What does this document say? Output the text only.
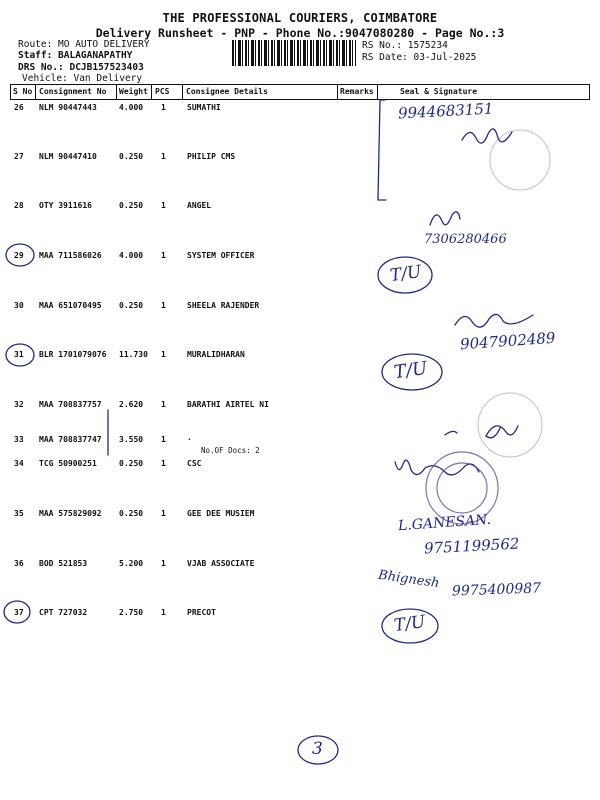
THE PROFESSIONAL COURIERS, COIMBATORE
Delivery Runsheet - PNP - Phone No.:9047080280 - Page No.:3
Route: MO AUTO DELIVERY
Staff: BALAGANAPATHY
DRS No.: DCJB157523403
Vehicle: Van Delivery
RS No.: 1575234
RS Date: 03-Jul-2025
S No Consignment No Weight PCS Consignee Details	Remarks	Seal & Signature
26 NLM 90447443	4.000 1	SUMATHI
27 NLM 90447410	0.250 1	PHILIP CMS
28 OTY 3911616	0.250 1	ANGEL
29 MAA 711586026 4.000 1	SYSTEM OFFICER
30 MAA 651070495 0.250 1	SHEELA RAJENDER
31 BLR 1701079076 11.730 1	MURALIDHARAN
32 MAA 708837757 2.620 1	BARATHI AIRTEL NI
33 MAA 708837747 3.550 1	.
No.OF Docs: 2
34 TCG 50900251	0.250 1	CSC
35 MAA 575829092 0.250 1	GEE DEE MUSIEM
36 BOD 521853	5.200 1	VJAB ASSOCIATE
37 CPT 727032	2.750 1	PRECOT
9944683151
7306280466
T/U
9047902489
T/U
L.GANESAN.
9751199562
Bhignesh 9975400987
T/U
3
